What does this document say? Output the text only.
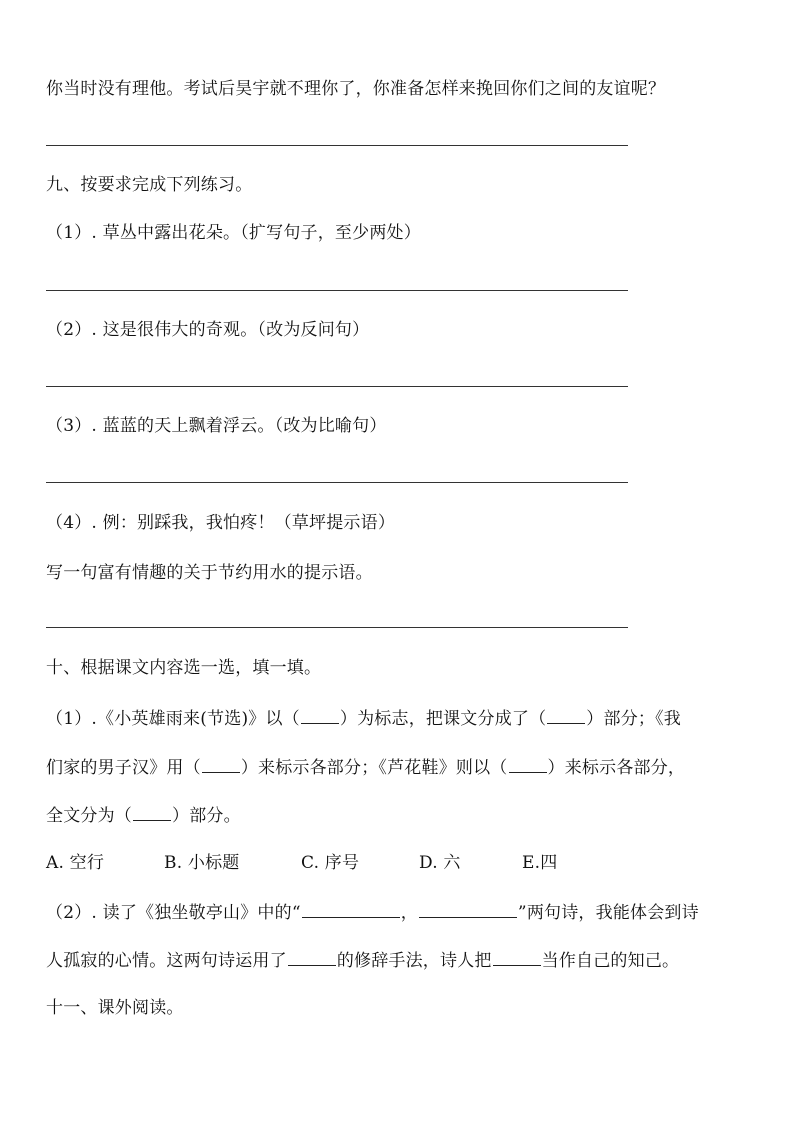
你当时没有理他。考试后昊宇就不理你了，你准备怎样来挽回你们之间的友谊呢？
九、按要求完成下列练习。
（1）. 草丛中露出花朵。（扩写句子，至少两处）
（2）. 这是很伟大的奇观。（改为反问句）
（3）. 蓝蓝的天上飘着浮云。（改为比喻句）
（4）. 例：别踩我，我怕疼！（草坪提示语）
写一句富有情趣的关于节约用水的提示语。
十、根据课文内容选一选，填一填。
（1）.《小英雄雨来(节选)》以（ ）为标志，把课文分成了（ ）部分；《我
们家的男子汉》用（ ）来标示各部分；《芦花鞋》则以（ ）来标示各部分，
全文分为（ ）部分。
A. 空行	B. 小标题	C. 序号	D. 六	E.四
（2）. 读了《独坐敬亭山》中的“	，	”两句诗，我能体会到诗
人孤寂的心情。这两句诗运用了	的修辞手法，诗人把	当作自己的知己。
十一、课外阅读。
